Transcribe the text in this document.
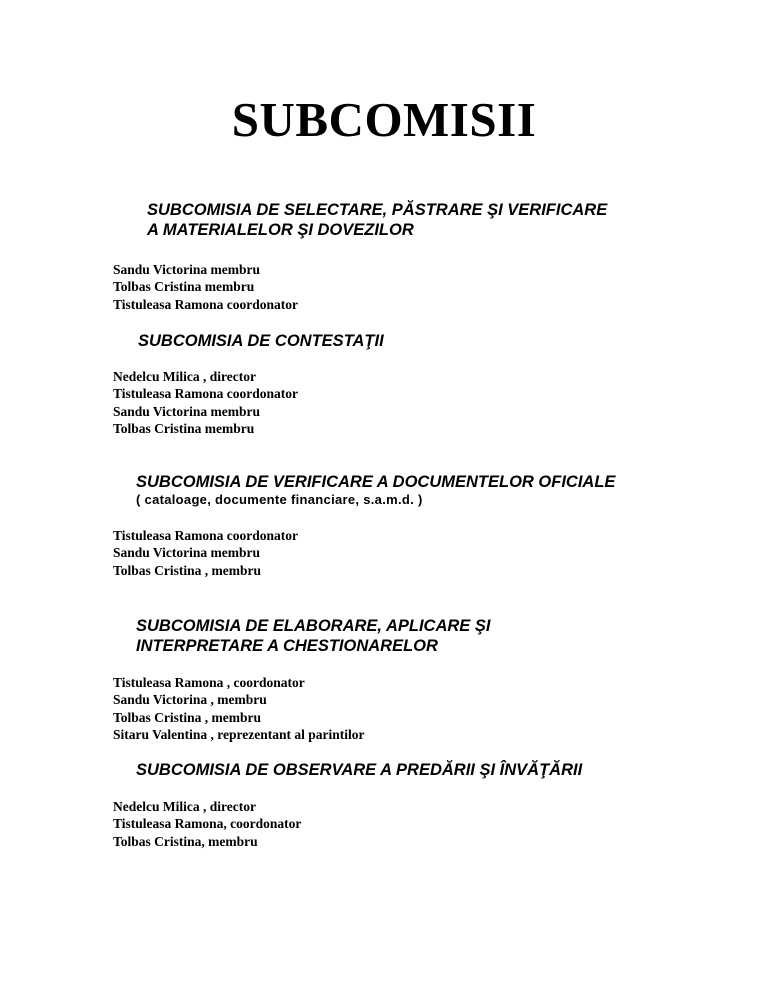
SUBCOMISII
SUBCOMISIA DE SELECTARE, PĂSTRARE ŞI VERIFICARE
A MATERIALELOR ŞI DOVEZILOR
Sandu Victorina membru
Tolbas Cristina membru
Tistuleasa Ramona coordonator
SUBCOMISIA DE CONTESTAŢII
Nedelcu Milica , director
Tistuleasa Ramona coordonator
Sandu Victorina membru
Tolbas Cristina membru
SUBCOMISIA DE VERIFICARE A DOCUMENTELOR OFICIALE
( cataloage, documente financiare, s.a.m.d. )
Tistuleasa Ramona coordonator
Sandu Victorina membru
Tolbas Cristina , membru
SUBCOMISIA DE ELABORARE, APLICARE ŞI
INTERPRETARE A CHESTIONARELOR
Tistuleasa Ramona , coordonator
Sandu Victorina , membru
Tolbas Cristina , membru
Sitaru Valentina , reprezentant al parintilor
SUBCOMISIA DE OBSERVARE A PREDĂRII ŞI ÎNVĂŢĂRII
Nedelcu Milica , director
Tistuleasa Ramona, coordonator
Tolbas Cristina, membru
